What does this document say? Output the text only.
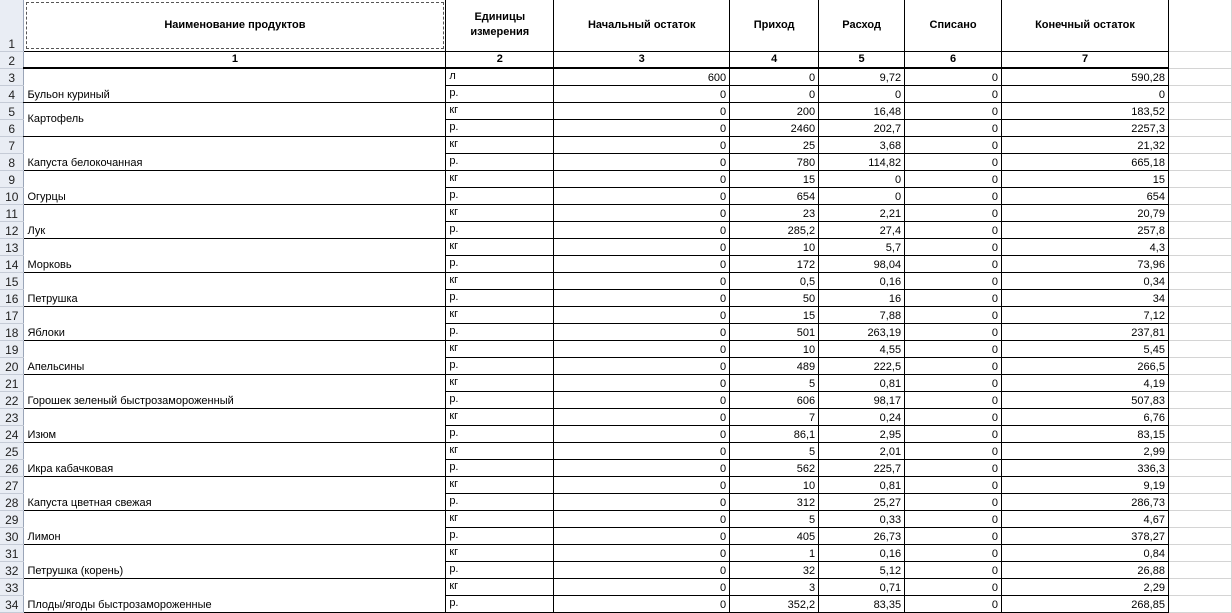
1	Наименование продуктов	Единицы измерения	Начальный остаток	Приход	Расход	Списано	Конечный остаток	
2	1	2	3	4	5	6	7	
3	Бульон куриный	л	600	0	9,72	0	590,28	
4		р.	0	0	0	0	0	
5	Картофель	кг	0	200	16,48	0	183,52	
6		р.	0	2460	202,7	0	2257,3	
7		кг	0	25	3,68	0	21,32	
8	Капуста белокочанная	р.	0	780	114,82	0	665,18	
9		кг	0	15	0	0	15	
10	Огурцы	р.	0	654	0	0	654	
11		кг	0	23	2,21	0	20,79	
12	Лук	р.	0	285,2	27,4	0	257,8	
13		кг	0	10	5,7	0	4,3	
14	Морковь	р.	0	172	98,04	0	73,96	
15		кг	0	0,5	0,16	0	0,34	
16	Петрушка	р.	0	50	16	0	34	
17		кг	0	15	7,88	0	7,12	
18	Яблоки	р.	0	501	263,19	0	237,81	
19		кг	0	10	4,55	0	5,45	
20	Апельсины	р.	0	489	222,5	0	266,5	
21		кг	0	5	0,81	0	4,19	
22	Горошек зеленый быстрозамороженный	р.	0	606	98,17	0	507,83	
23		кг	0	7	0,24	0	6,76	
24	Изюм	р.	0	86,1	2,95	0	83,15	
25		кг	0	5	2,01	0	2,99	
26	Икра кабачковая	р.	0	562	225,7	0	336,3	
27		кг	0	10	0,81	0	9,19	
28	Капуста цветная свежая	р.	0	312	25,27	0	286,73	
29		кг	0	5	0,33	0	4,67	
30	Лимон	р.	0	405	26,73	0	378,27	
31		кг	0	1	0,16	0	0,84	
32	Петрушка (корень)	р.	0	32	5,12	0	26,88	
33		кг	0	3	0,71	0	2,29	
34	Плоды/ягоды быстрозамороженные	р.	0	352,2	83,35	0	268,85	
